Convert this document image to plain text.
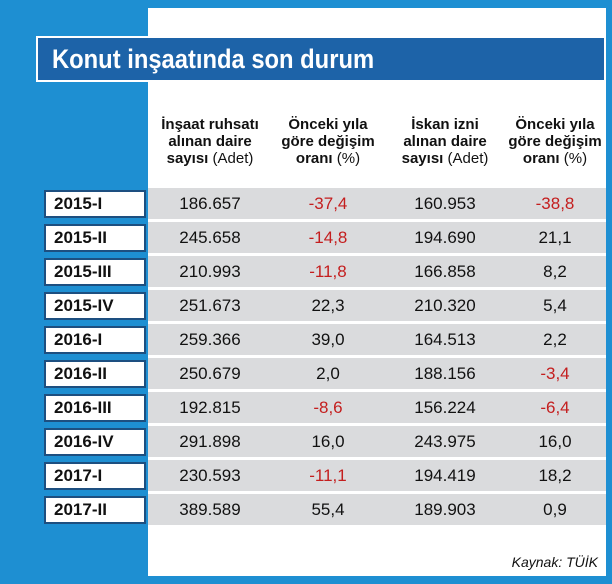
Konut inşaatında son durum
İnşaat ruhsatı
alınan daire
sayısı (Adet)
Önceki yıla
göre değişim
oranı (%)
İskan izni
alınan daire
sayısı (Adet)
Önceki yıla
göre değişim
oranı (%)
2015-I	186.657	-37,4	160.953	-38,8
2015-II	245.658	-14,8	194.690	21,1
2015-III	210.993	-11,8	166.858	8,2
2015-IV	251.673	22,3	210.320	5,4
2016-I	259.366	39,0	164.513	2,2
2016-II	250.679	2,0	188.156	-3,4
2016-III	192.815	-8,6	156.224	-6,4
2016-IV	291.898	16,0	243.975	16,0
2017-I	230.593	-11,1	194.419	18,2
2017-II	389.589	55,4	189.903	0,9
Kaynak: TÜİK
